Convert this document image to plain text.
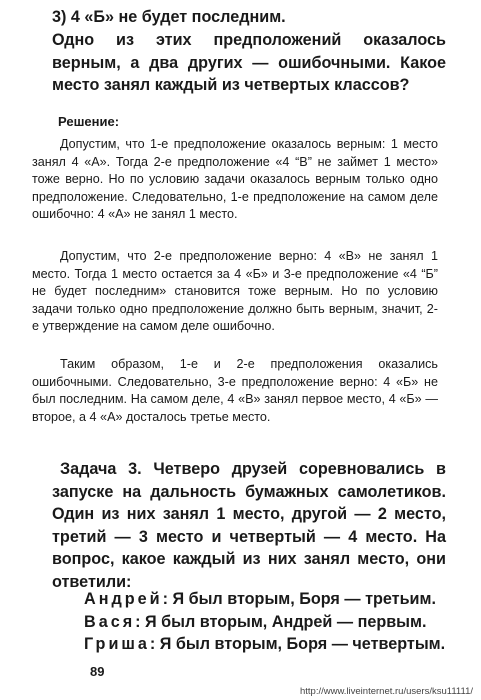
3) 4 «Б» не будет последним.

Одно из этих предположений оказалось верным, а два других — ошибочными. Какое место занял каждый из четвертых классов?

Решение:

Допустим, что 1-е предположение оказалось верным: 1 место занял 4 «А». Тогда 2-е предположение «4 “В” не займет 1 место» тоже верно. Но по условию задачи оказалось верным только одно предположение. Следовательно, 1-е предположение на самом деле ошибочно: 4 «А» не занял 1 место.

Допустим, что 2-е предположение верно: 4 «В» не занял 1 место. Тогда 1 место остается за 4 «Б» и 3-е предположение «4 “Б” не будет последним» становится тоже верным. Но по условию задачи только одно предположение должно быть верным, значит, 2-е утверждение на самом деле ошибочно.

Таким образом, 1-е и 2-е предположения оказались ошибочными. Следовательно, 3-е предположение верно: 4 «Б» не был последним. На самом деле, 4 «В» занял первое место, 4 «Б» — второе, а 4 «А» досталось третье место.

Задача 3. Четверо друзей соревновались в запуске на дальность бумажных самолетиков. Один из них занял 1 место, другой — 2 место, третий — 3 место и четвертый — 4 место. На вопрос, какое каждый из них занял место, они ответили:

Андрей: Я был вторым, Боря — третьим.

Вася: Я был вторым, Андрей — первым.

Гриша: Я был вторым, Боря — четвертым.

89

http://www.liveinternet.ru/users/ksu11111/
